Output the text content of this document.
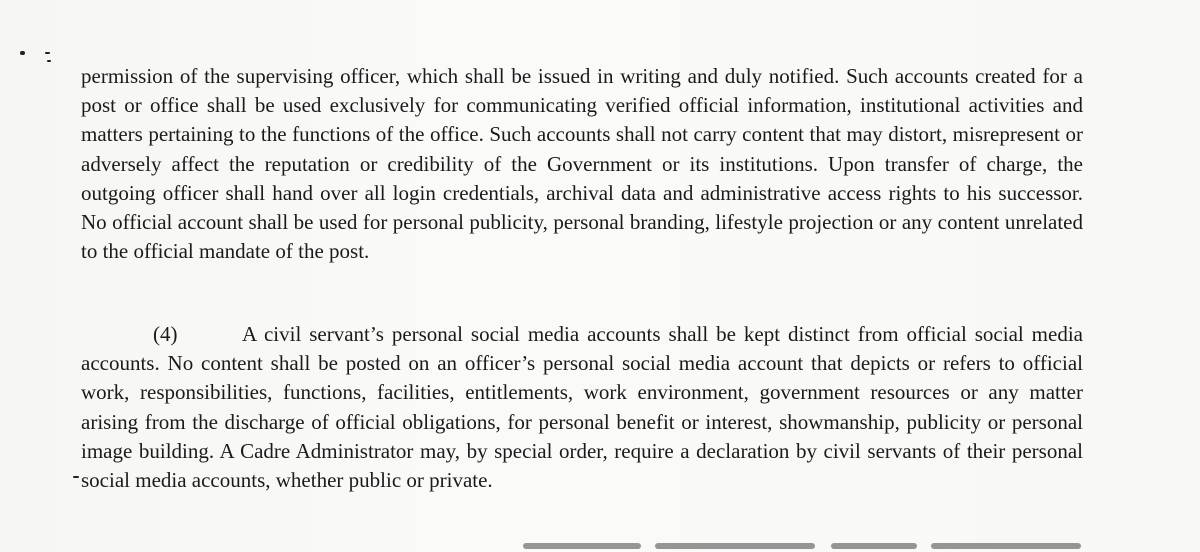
permission of the supervising officer, which shall be issued in writing and duly notified. Such accounts created for a post or office shall be used exclusively for communicating verified official information, institutional activities and matters pertaining to the functions of the office. Such accounts shall not carry content that may distort, misrepresent or adversely affect the reputation or credibility of the Government or its institutions. Upon transfer of charge, the outgoing officer shall hand over all login credentials, archival data and administrative access rights to his successor. No official account shall be used for personal publicity, personal branding, lifestyle projection or any content unrelated to the official mandate of the post.

(4)	A civil servant’s personal social media accounts shall be kept distinct from official social media accounts. No content shall be posted on an officer’s personal social media account that depicts or refers to official work, responsibilities, functions, facilities, entitlements, work environment, government resources or any matter arising from the discharge of official obligations, for personal benefit or interest, showmanship, publicity or personal image building. A Cadre Administrator may, by special order, require a declaration by civil servants of their personal social media accounts, whether public or private.
